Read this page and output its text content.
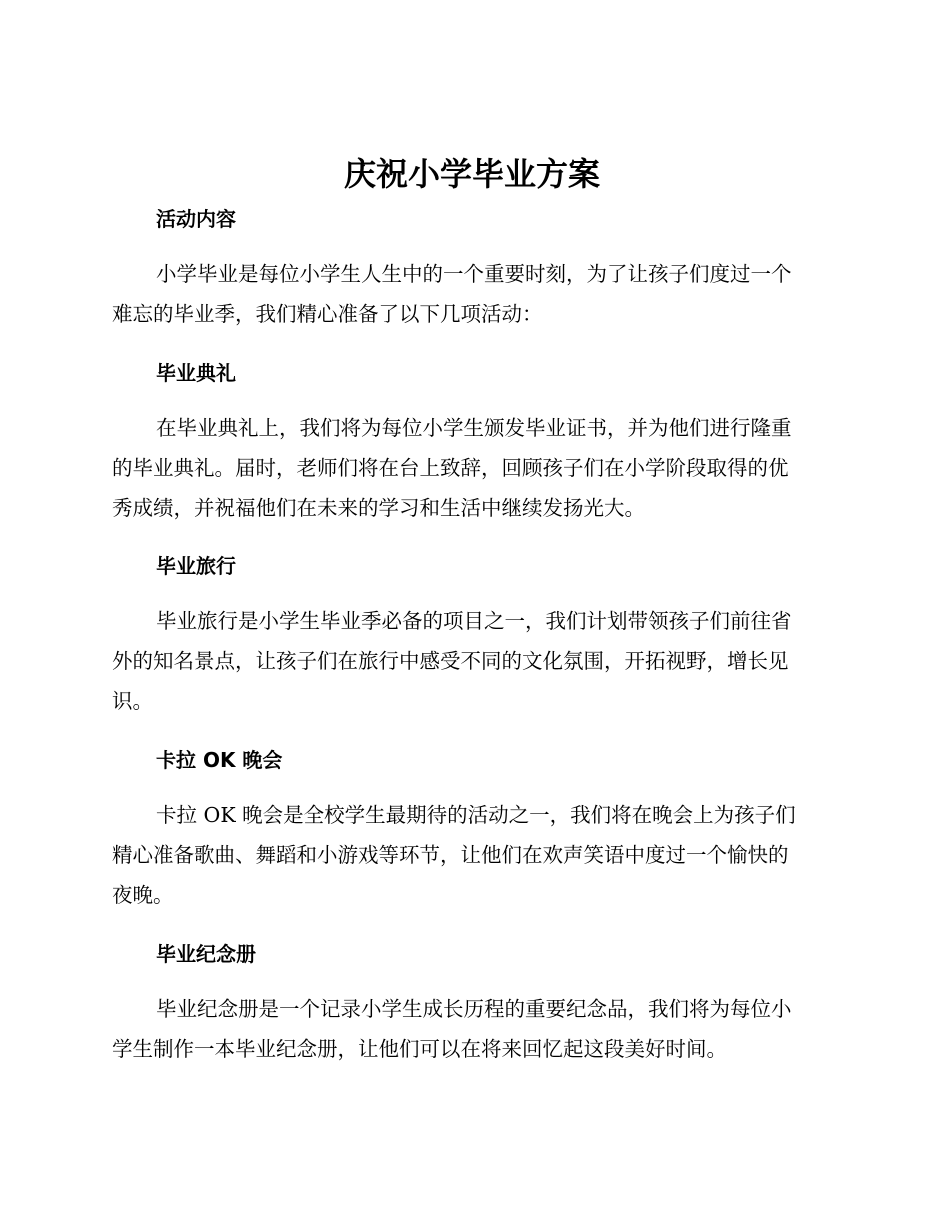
庆祝小学毕业方案
活动内容

小学毕业是每位小学生人生中的一个重要时刻，为了让孩子们度过一个
难忘的毕业季，我们精心准备了以下几项活动：

毕业典礼

在毕业典礼上，我们将为每位小学生颁发毕业证书，并为他们进行隆重
的毕业典礼。届时，老师们将在台上致辞，回顾孩子们在小学阶段取得的优
秀成绩，并祝福他们在未来的学习和生活中继续发扬光大。

毕业旅行

毕业旅行是小学生毕业季必备的项目之一，我们计划带领孩子们前往省
外的知名景点，让孩子们在旅行中感受不同的文化氛围，开拓视野，增长见
识。

卡拉 OK 晚会

卡拉 OK 晚会是全校学生最期待的活动之一，我们将在晚会上为孩子们
精心准备歌曲、舞蹈和小游戏等环节，让他们在欢声笑语中度过一个愉快的
夜晚。

毕业纪念册

毕业纪念册是一个记录小学生成长历程的重要纪念品，我们将为每位小
学生制作一本毕业纪念册，让他们可以在将来回忆起这段美好时间。
